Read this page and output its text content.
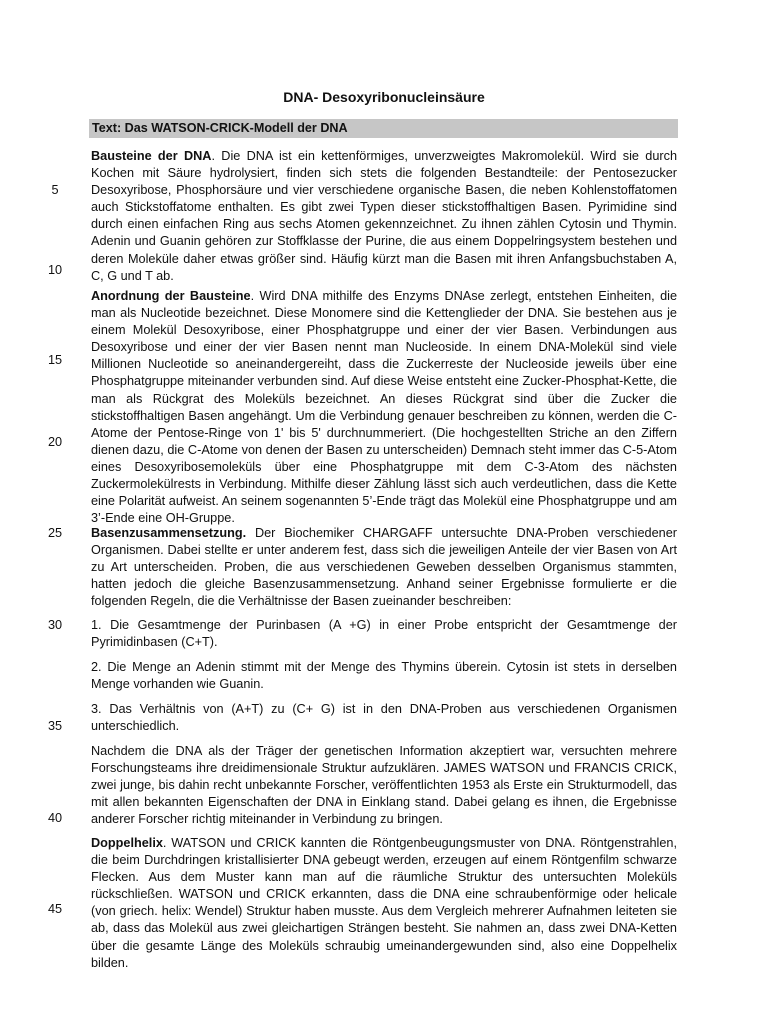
DNA- Desoxyribonucleinsäure
Text: Das WATSON-CRICK-Modell der DNA

Bausteine der DNA. Die DNA ist ein kettenförmiges, unverzweigtes Makromolekül. Wird sie durch Kochen mit Säure hydrolysiert, finden sich stets die folgenden Bestandteile: der Pentosezucker Desoxyribose, Phosphorsäure und vier verschiedene organische Basen, die neben Kohlenstoffatomen auch Stickstoffatome enthalten. Es gibt zwei Typen dieser stickstoffhaltigen Basen. Pyrimidine sind durch einen einfachen Ring aus sechs Atomen gekennzeichnet. Zu ihnen zählen Cytosin und Thymin. Adenin und Guanin gehören zur Stoffklasse der Purine, die aus einem Doppelringsystem bestehen und deren Moleküle daher etwas größer sind. Häufig kürzt man die Basen mit ihren Anfangsbuchstaben A, C, G und T ab.

Anordnung der Bausteine. Wird DNA mithilfe des Enzyms DNAse zerlegt, entstehen Einheiten, die man als Nucleotide bezeichnet. Diese Monomere sind die Kettenglieder der DNA. Sie bestehen aus je einem Molekül Desoxyribose, einer Phosphatgruppe und einer der vier Basen. Verbindungen aus Desoxyribose und einer der vier Basen nennt man Nucleoside. In einem DNA-Molekül sind viele Millionen Nucleotide so aneinandergereiht, dass die Zuckerreste der Nucleoside jeweils über eine Phosphatgruppe miteinander verbunden sind. Auf diese Weise entsteht eine Zucker-Phosphat-Kette, die man als Rückgrat des Moleküls bezeichnet. An dieses Rückgrat sind über die Zucker die stickstoffhaltigen Basen angehängt. Um die Verbindung genauer beschreiben zu können, werden die C-Atome der Pentose-Ringe von 1' bis 5' durchnummeriert. (Die hochgestellten Striche an den Ziffern dienen dazu, die C-Atome von denen der Basen zu unterscheiden) Demnach steht immer das C-5-Atom eines Desoxyribosemoleküls über eine Phosphatgruppe mit dem C-3-Atom des nächsten Zuckermolekülrests in Verbindung. Mithilfe dieser Zählung lässt sich auch verdeutlichen, dass die Kette eine Polarität aufweist. An seinem sogenannten 5’-Ende trägt das Molekül eine Phosphatgruppe und am 3’-Ende eine OH-Gruppe.

Basenzusammensetzung. Der Biochemiker CHARGAFF untersuchte DNA-Proben verschiedener Organismen. Dabei stellte er unter anderem fest, dass sich die jeweiligen Anteile der vier Basen von Art zu Art unterscheiden. Proben, die aus verschiedenen Geweben desselben Organismus stammten, hatten jedoch die gleiche Basenzusammensetzung. Anhand seiner Ergebnisse formulierte er die folgenden Regeln, die die Verhältnisse der Basen zueinander beschreiben:

1. Die Gesamtmenge der Purinbasen (A +G) in einer Probe entspricht der Gesamtmenge der Pyrimidinbasen (C+T).

2. Die Menge an Adenin stimmt mit der Menge des Thymins überein. Cytosin ist stets in derselben Menge vorhanden wie Guanin.

3. Das Verhältnis von (A+T) zu (C+ G) ist in den DNA-Proben aus verschiedenen Organismen unterschiedlich.

Nachdem die DNA als der Träger der genetischen Information akzeptiert war, versuchten mehrere Forschungsteams ihre dreidimensionale Struktur aufzuklären. JAMES WATSON und FRANCIS CRICK, zwei junge, bis dahin recht unbekannte Forscher, veröffentlichten 1953 als Erste ein Strukturmodell, das mit allen bekannten Eigenschaften der DNA in Einklang stand. Dabei gelang es ihnen, die Ergebnisse anderer Forscher richtig miteinander in Verbindung zu bringen.

Doppelhelix. WATSON und CRICK kannten die Röntgenbeugungsmuster von DNA. Röntgenstrahlen, die beim Durchdringen kristallisierter DNA gebeugt werden, erzeugen auf einem Röntgenfilm schwarze Flecken. Aus dem Muster kann man auf die räumliche Struktur des untersuchten Moleküls rückschließen. WATSON und CRICK erkannten, dass die DNA eine schraubenförmige oder helicale (von griech. helix: Wendel) Struktur haben musste. Aus dem Vergleich mehrerer Aufnahmen leiteten sie ab, dass das Molekül aus zwei gleichartigen Strängen besteht. Sie nahmen an, dass zwei DNA-Ketten über die gesamte Länge des Moleküls schraubig umeinandergewunden sind, also eine Doppelhelix bilden.

5
10
15
20
25
30
35
40
45
